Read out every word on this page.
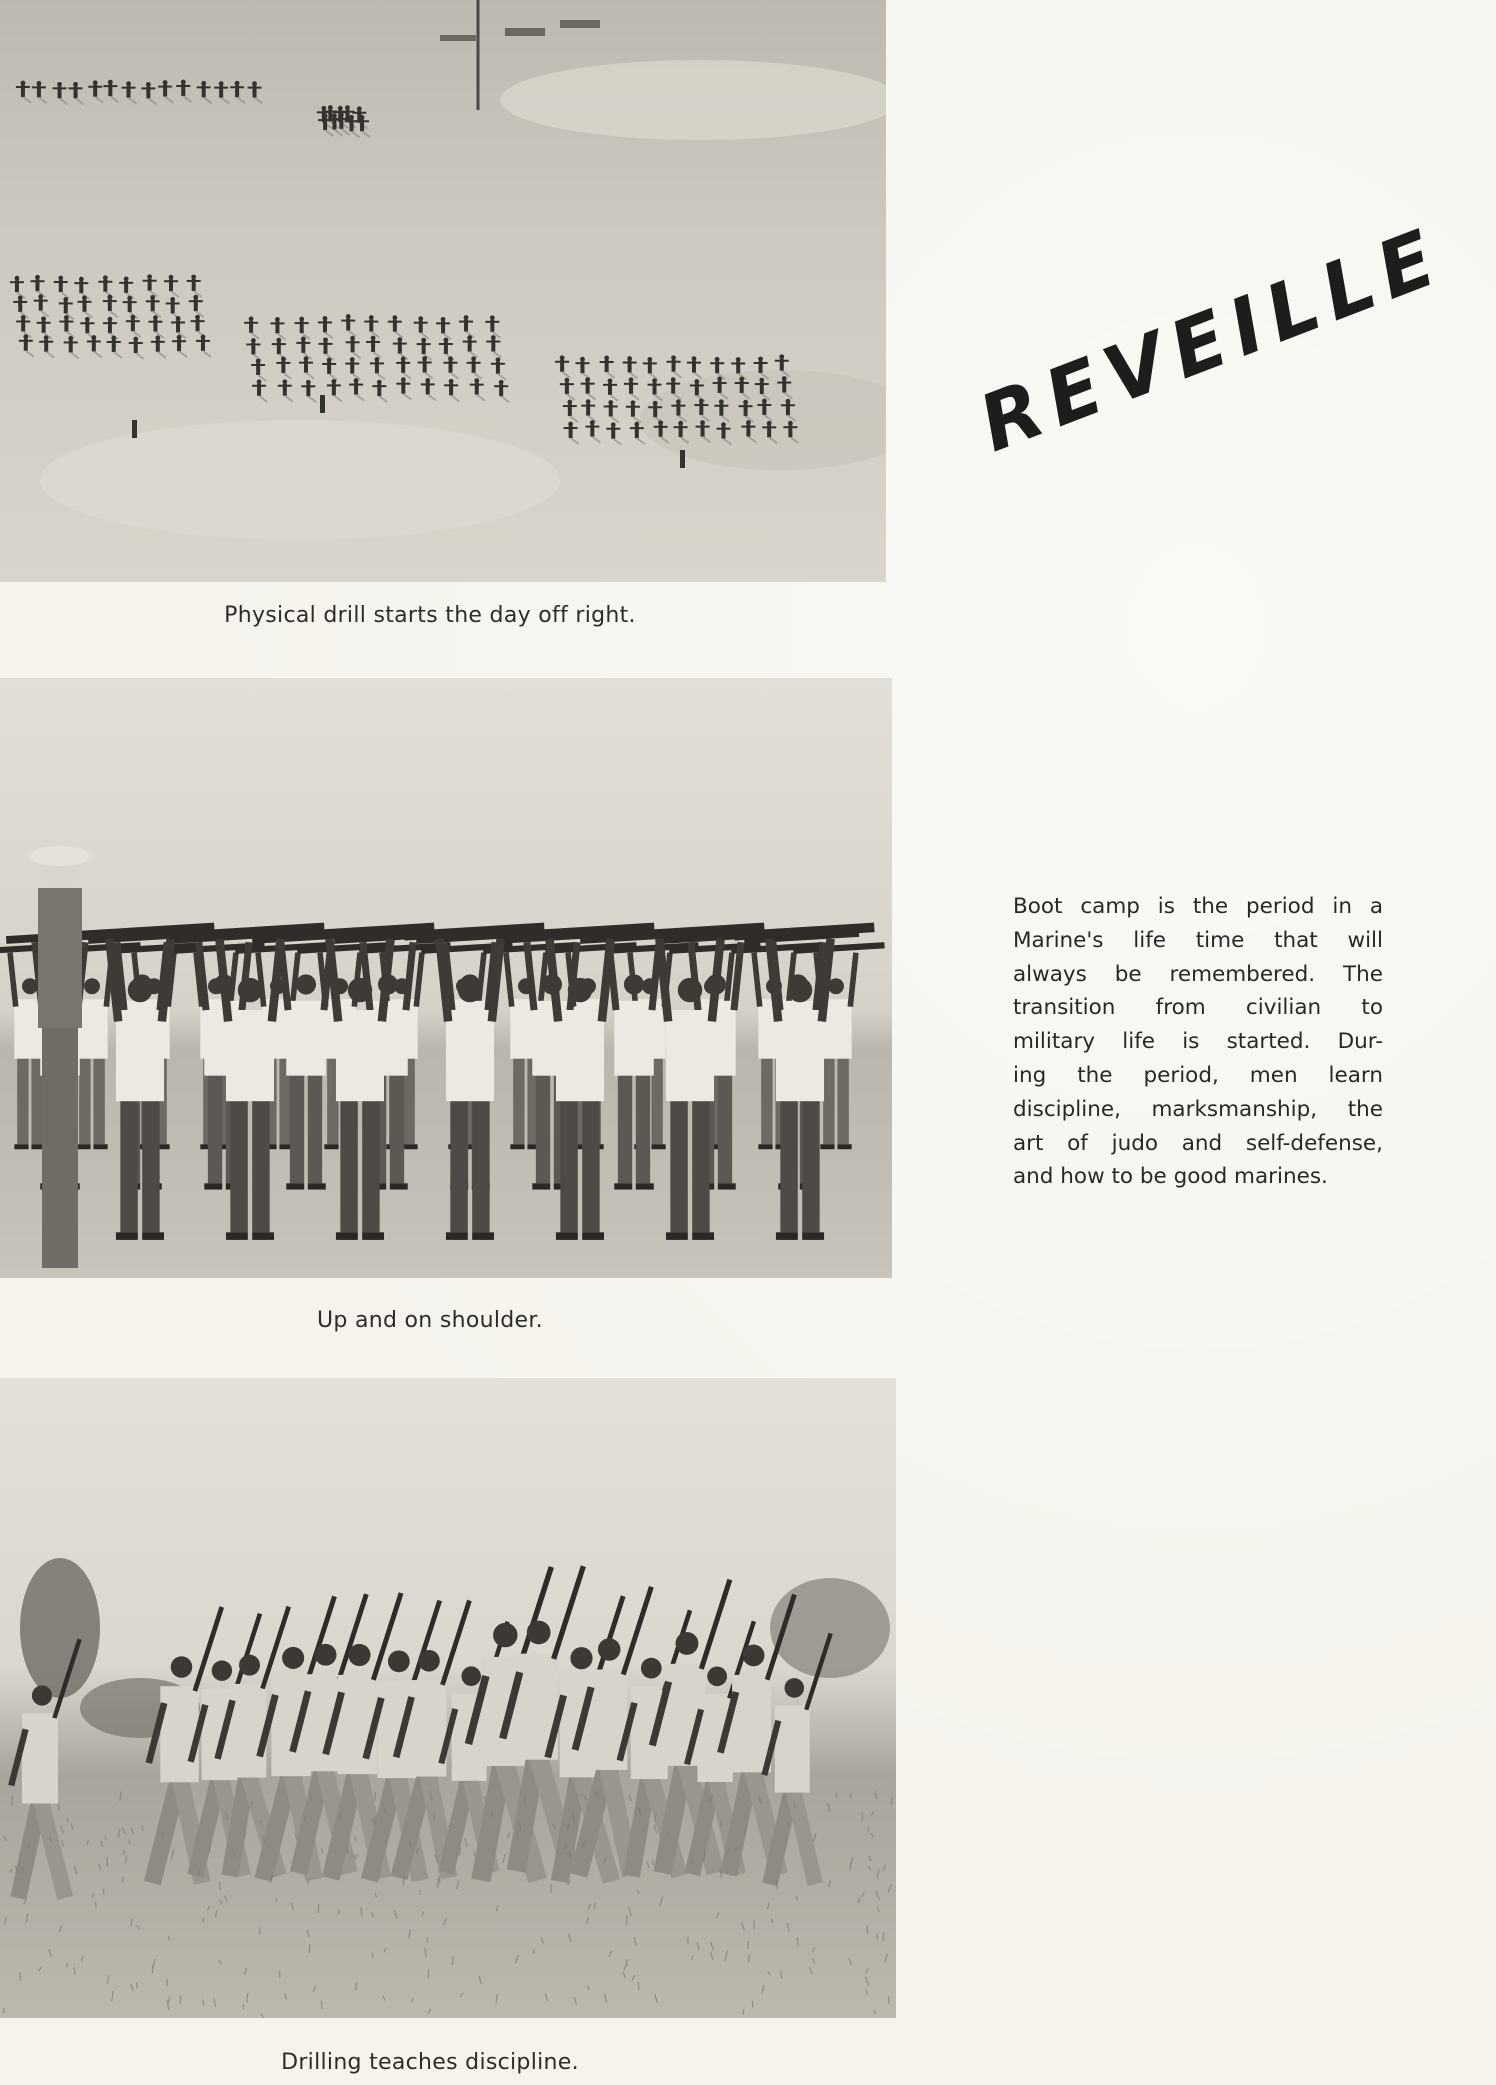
Physical drill starts the day off right.
Up and on shoulder.
Drilling teaches discipline.
REVEILLE
Boot camp is the period in a
Marine's life time that will
always be remembered. The
transition from civilian to
military life is started. Dur-
ing the period, men learn
discipline, marksmanship, the
art of judo and self-defense,
and how to be good marines.
